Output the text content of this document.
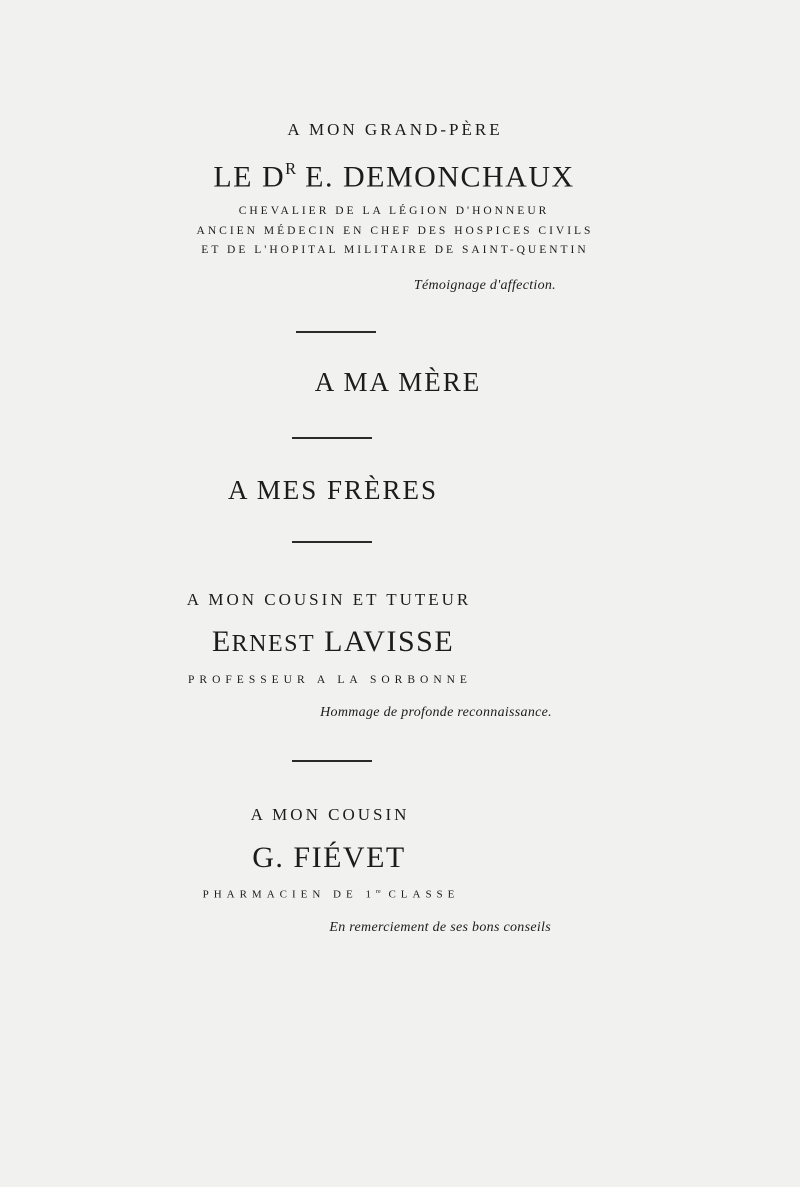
A MON GRAND-PÈRE
LE $D^R$ E. DEMONCHAUX
CHEVALIER DE LA LÉGION D'HONNEUR
ANCIEN MÉDECIN EN CHEF DES HOSPICES CIVILS
ET DE L'HOPITAL MILITAIRE DE SAINT-QUENTIN
Témoignage d'affection.
A MA MÈRE
A MES FRÈRES
A MON COUSIN ET TUTEUR
ERNEST LAVISSE
PROFESSEUR A LA SORBONNE
Hommage de profonde reconnaissance.
A MON COUSIN
G. FIÉVET
PHARMACIEN DE 1re CLASSE
En remerciement de ses bons conseils
